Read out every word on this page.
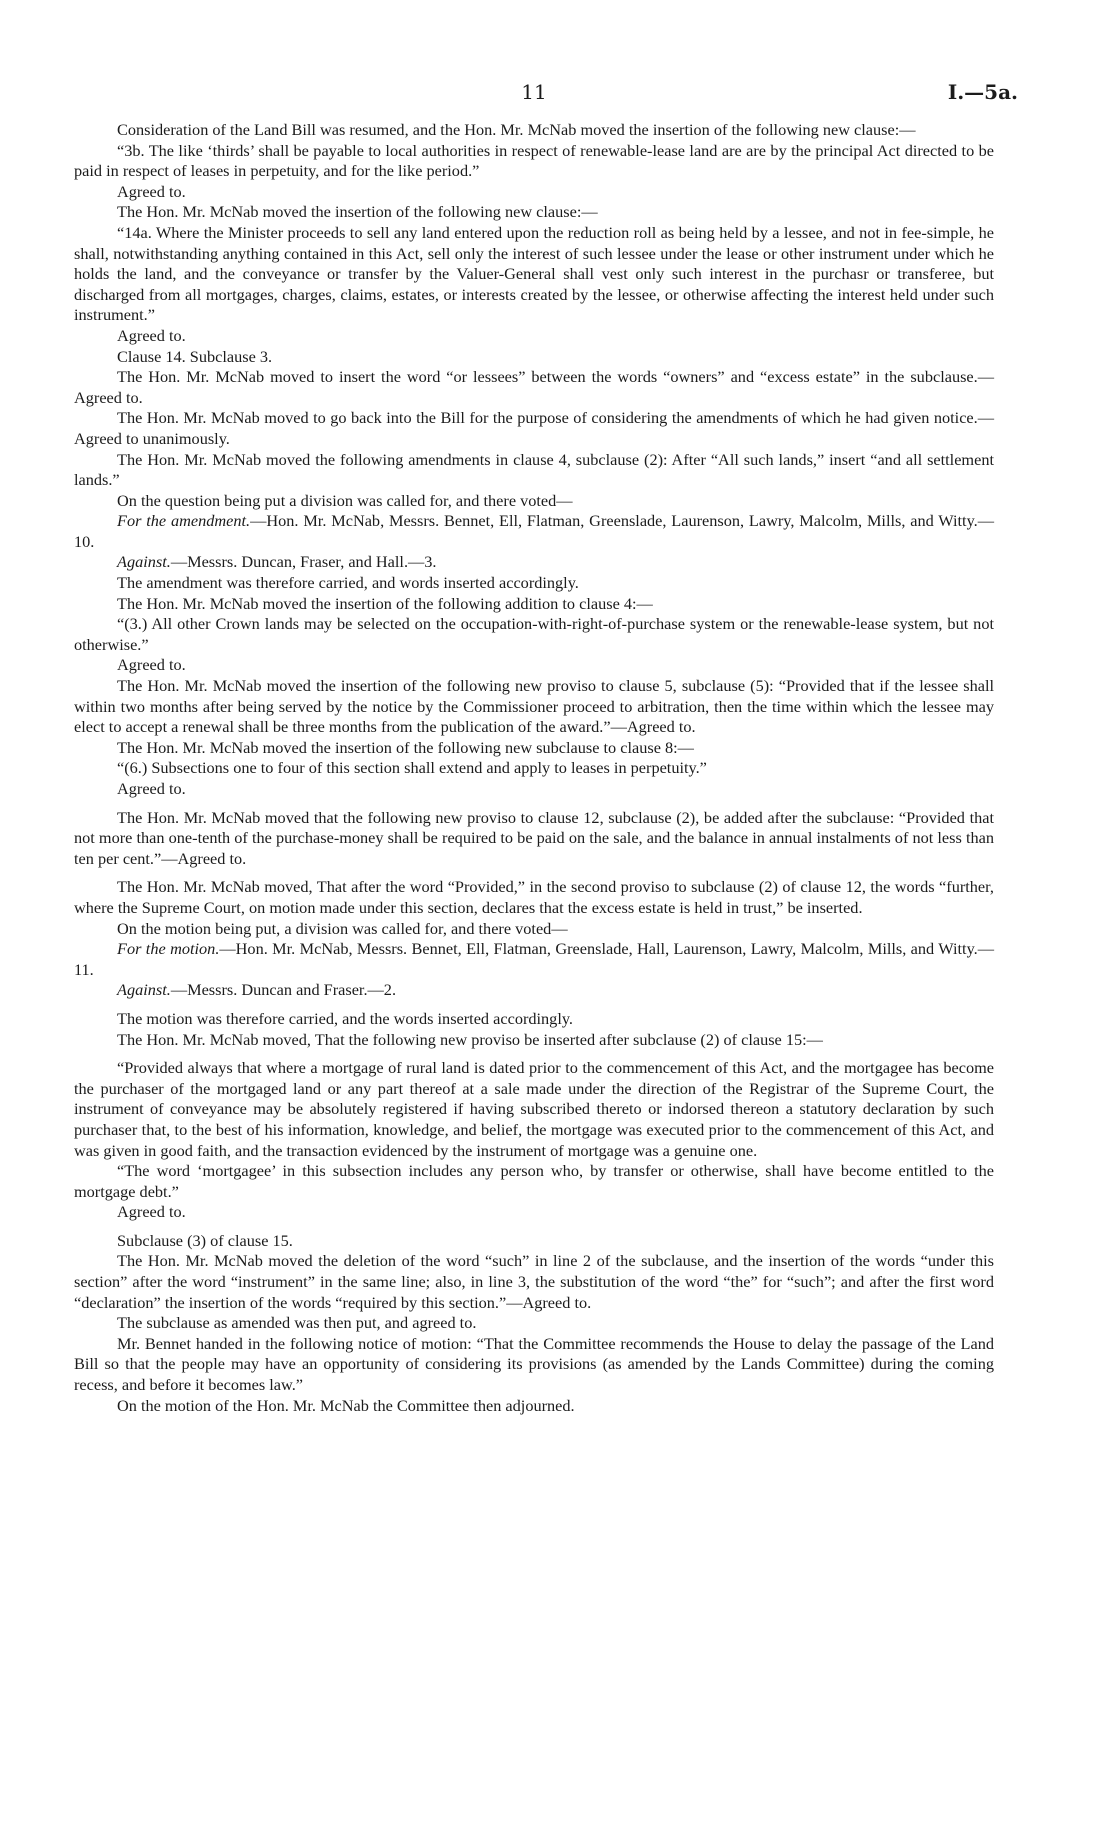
11	I.—5a.

Consideration of the Land Bill was resumed, and the Hon. Mr. McNab moved the insertion of the following new clause:—

“3b. The like ‘thirds’ shall be payable to local authorities in respect of renewable-lease land are are by the principal Act directed to be paid in respect of leases in perpetuity, and for the like period.”

Agreed to.

The Hon. Mr. McNab moved the insertion of the following new clause:—

“14a. Where the Minister proceeds to sell any land entered upon the reduction roll as being held by a lessee, and not in fee-simple, he shall, notwithstanding anything contained in this Act, sell only the interest of such lessee under the lease or other instrument under which he holds the land, and the conveyance or transfer by the Valuer-General shall vest only such interest in the purchasr or transferee, but discharged from all mortgages, charges, claims, estates, or interests created by the lessee, or otherwise affecting the interest held under such instrument.”

Agreed to.

Clause 14. Subclause 3.

The Hon. Mr. McNab moved to insert the word “or lessees” between the words “owners” and “excess estate” in the subclause.—Agreed to.

The Hon. Mr. McNab moved to go back into the Bill for the purpose of considering the amendments of which he had given notice.—Agreed to unanimously.

The Hon. Mr. McNab moved the following amendments in clause 4, subclause (2): After “All such lands,” insert “and all settlement lands.”

On the question being put a division was called for, and there voted—

For the amendment.—Hon. Mr. McNab, Messrs. Bennet, Ell, Flatman, Greenslade, Laurenson, Lawry, Malcolm, Mills, and Witty.—10.

Against.—Messrs. Duncan, Fraser, and Hall.—3.

The amendment was therefore carried, and words inserted accordingly.

The Hon. Mr. McNab moved the insertion of the following addition to clause 4:—

“(3.) All other Crown lands may be selected on the occupation-with-right-of-purchase system or the renewable-lease system, but not otherwise.”

Agreed to.

The Hon. Mr. McNab moved the insertion of the following new proviso to clause 5, subclause (5): “Provided that if the lessee shall within two months after being served by the notice by the Commissioner proceed to arbitration, then the time within which the lessee may elect to accept a renewal shall be three months from the publication of the award.”—Agreed to.

The Hon. Mr. McNab moved the insertion of the following new subclause to clause 8:—

“(6.) Subsections one to four of this section shall extend and apply to leases in perpetuity.”

Agreed to.

The Hon. Mr. McNab moved that the following new proviso to clause 12, subclause (2), be added after the subclause: “Provided that not more than one-tenth of the purchase-money shall be required to be paid on the sale, and the balance in annual instalments of not less than ten per cent.”—Agreed to.

The Hon. Mr. McNab moved, That after the word “Provided,” in the second proviso to subclause (2) of clause 12, the words “further, where the Supreme Court, on motion made under this section, declares that the excess estate is held in trust,” be inserted.

On the motion being put, a division was called for, and there voted—

For the motion.—Hon. Mr. McNab, Messrs. Bennet, Ell, Flatman, Greenslade, Hall, Laurenson, Lawry, Malcolm, Mills, and Witty.—11.

Against.—Messrs. Duncan and Fraser.—2.

The motion was therefore carried, and the words inserted accordingly.

The Hon. Mr. McNab moved, That the following new proviso be inserted after subclause (2) of clause 15:—

“Provided always that where a mortgage of rural land is dated prior to the commencement of this Act, and the mortgagee has become the purchaser of the mortgaged land or any part thereof at a sale made under the direction of the Registrar of the Supreme Court, the instrument of conveyance may be absolutely registered if having subscribed thereto or indorsed thereon a statutory declaration by such purchaser that, to the best of his information, knowledge, and belief, the mortgage was executed prior to the commencement of this Act, and was given in good faith, and the transaction evidenced by the instrument of mortgage was a genuine one.

“The word ‘mortgagee’ in this subsection includes any person who, by transfer or otherwise, shall have become entitled to the mortgage debt.”

Agreed to.

Subclause (3) of clause 15.

The Hon. Mr. McNab moved the deletion of the word “such” in line 2 of the subclause, and the insertion of the words “under this section” after the word “instrument” in the same line; also, in line 3, the substitution of the word “the” for “such”; and after the first word “declaration” the insertion of the words “required by this section.”—Agreed to.

The subclause as amended was then put, and agreed to.

Mr. Bennet handed in the following notice of motion: “That the Committee recommends the House to delay the passage of the Land Bill so that the people may have an opportunity of considering its provisions (as amended by the Lands Committee) during the coming recess, and before it becomes law.”

On the motion of the Hon. Mr. McNab the Committee then adjourned.
